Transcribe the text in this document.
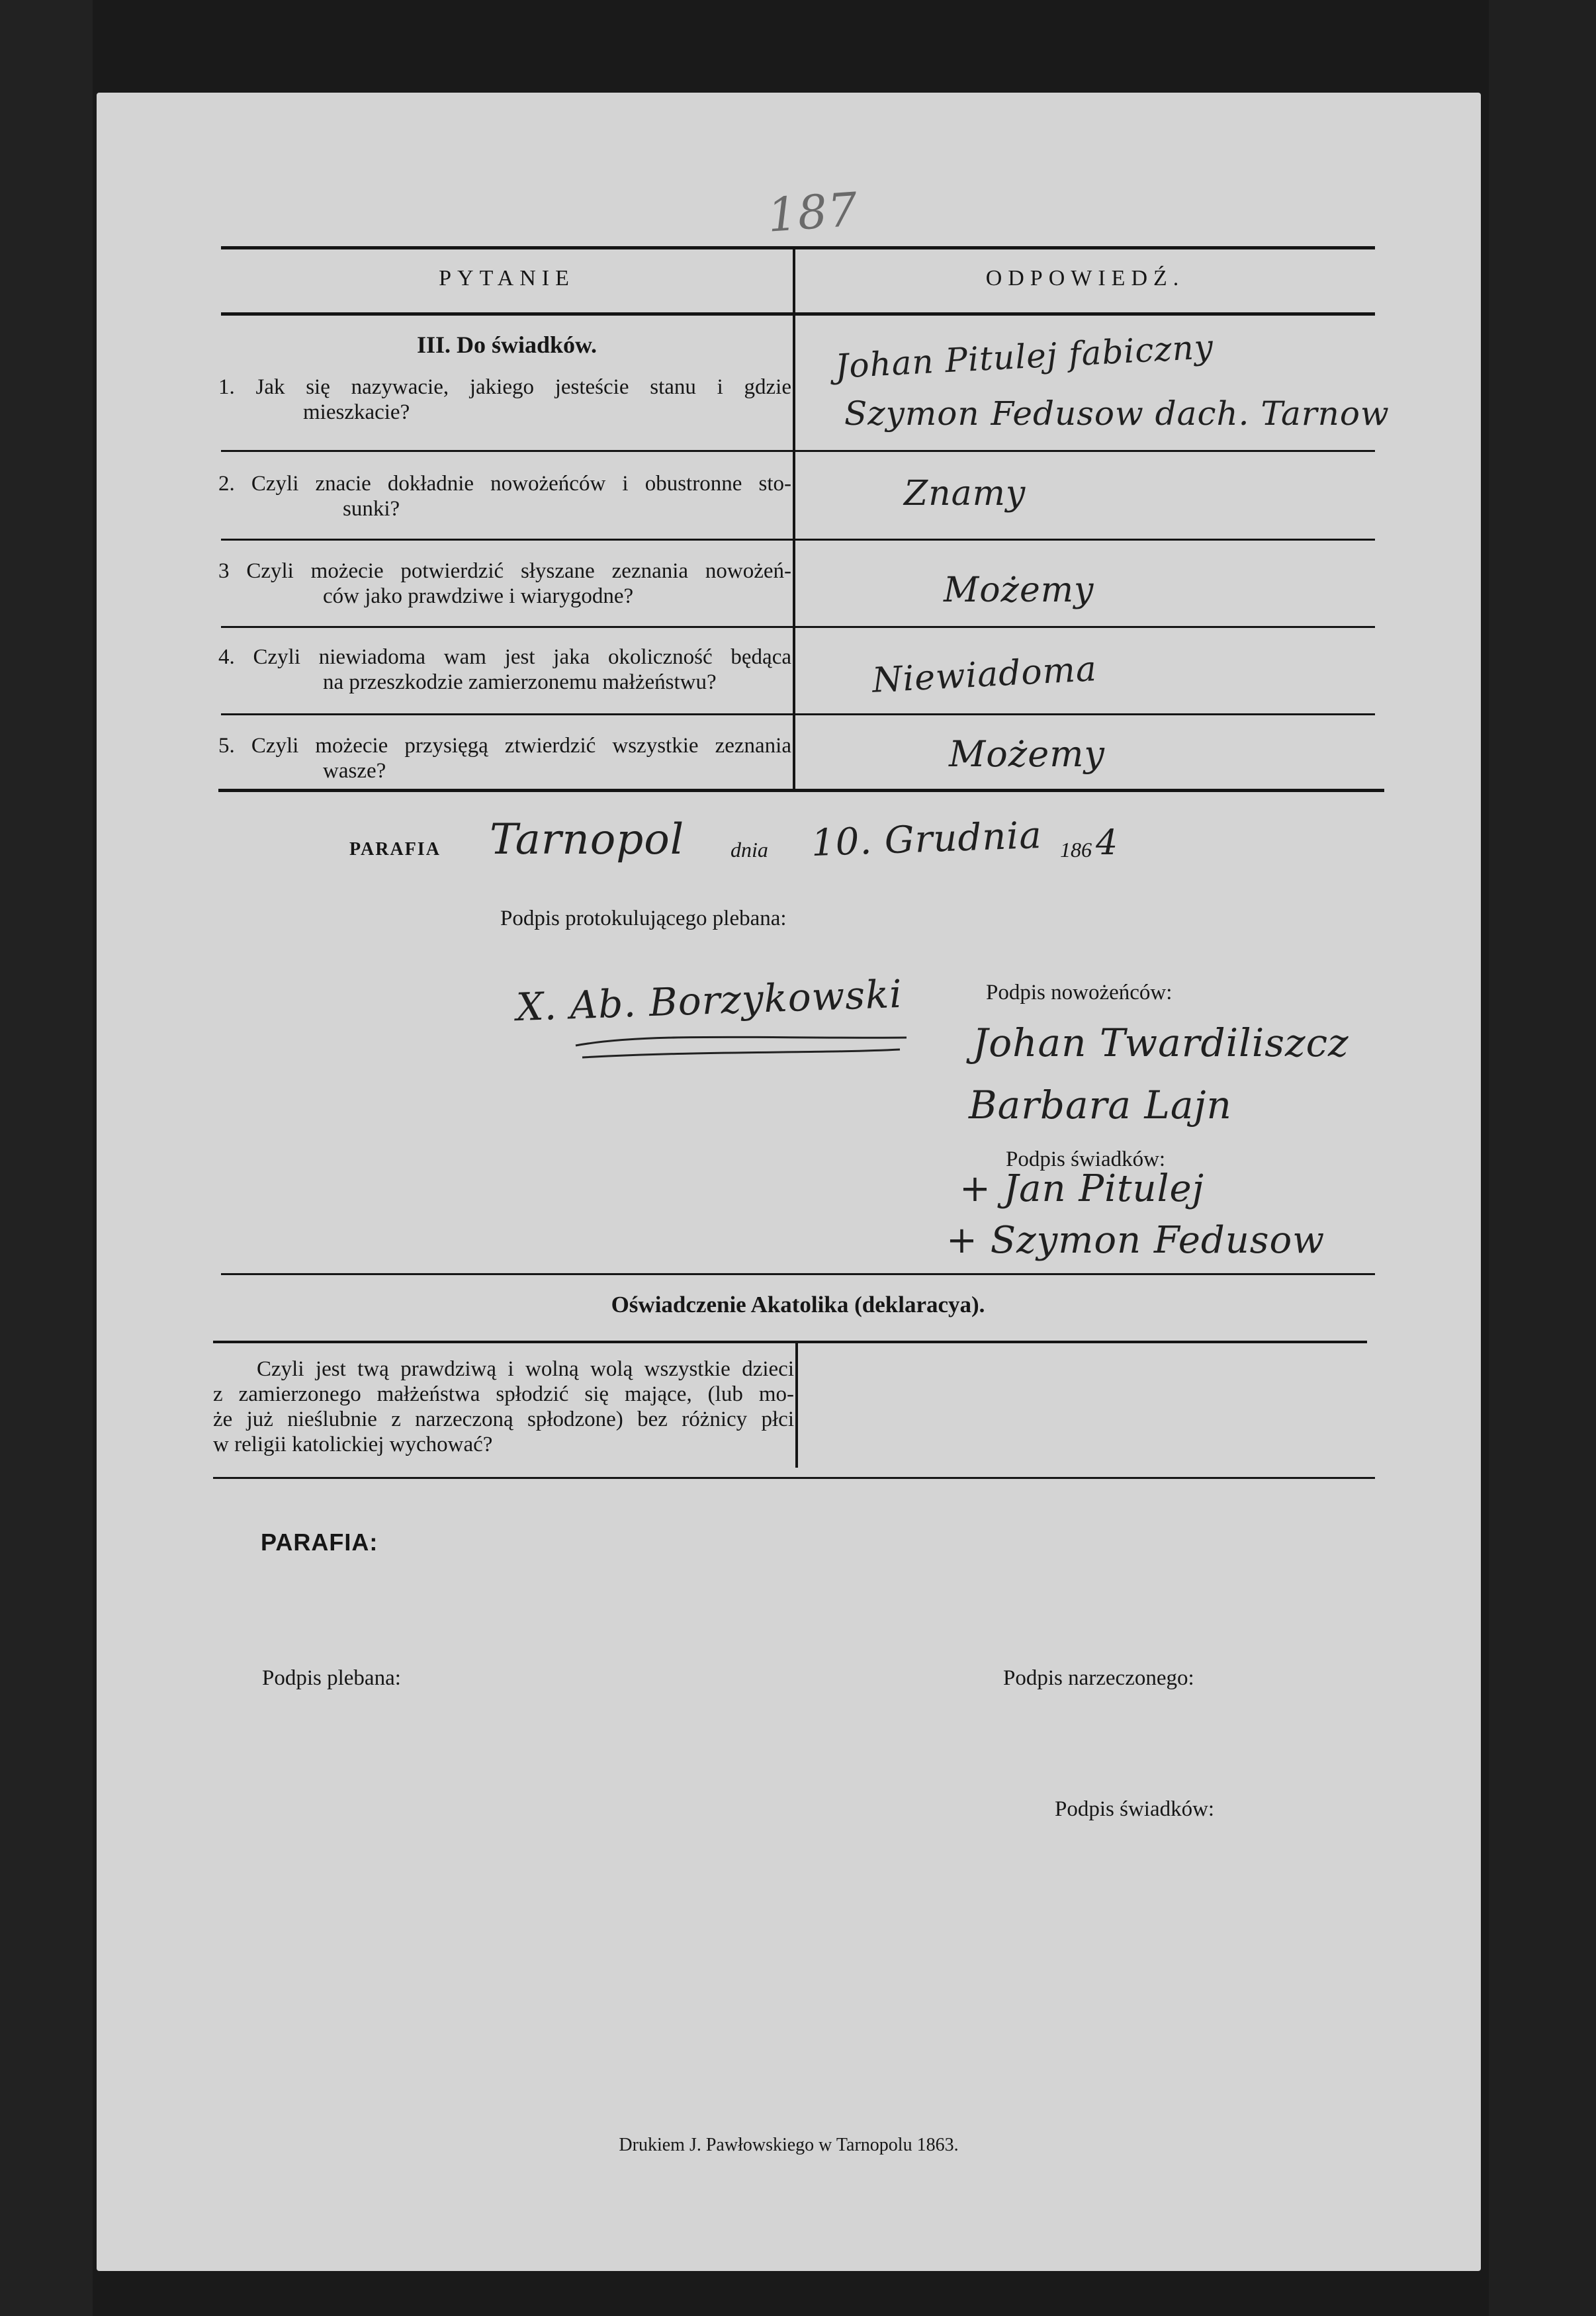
187
PYTANIE	ODPOWIEDŹ.
III. Do świadków.
1. Jak się nazywacie, jakiego jesteście stanu i gdzie
mieszkacie?
Johan Pitulej fabiczny
Szymon Fedusow dach. Tarnow
2. Czyli znacie dokładnie nowożeńców i obustronne sto-
sunki?	Znamy
3 Czyli możecie potwierdzić słyszane zeznania nowożeń-
ców jako prawdziwe i wiarygodne?	Możemy
4. Czyli niewiadoma wam jest jaka okoliczność będąca
na przeszkodzie zamierzonemu małżeństwu?	Niewiadoma
5. Czyli możecie przysięgą ztwierdzić wszystkie zeznania
wasze?	Możemy
PARAFIA Tarnopol dnia 10. Grudnia 186 4
Podpis protokulującego plebana:
X. Ab. Borzykowski	Podpis nowożeńców:
Johan Twardiliszcz
Barbara Lajn
Podpis świadków:
+ Jan Pitulej
+ Szymon Fedusow
Oświadczenie Akatolika (deklaracya).
Czyli jest twą prawdziwą i wolną wolą wszystkie dzieci
z zamierzonego małżeństwa spłodzić się mające, (lub mo-
że już nieślubnie z narzeczoną spłodzone) bez różnicy płci
w religii katolickiej wychować?
PARAFIA:
Podpis plebana:	Podpis narzeczonego:
Podpis świadków:
Drukiem J. Pawłowskiego w Tarnopolu 1863.
